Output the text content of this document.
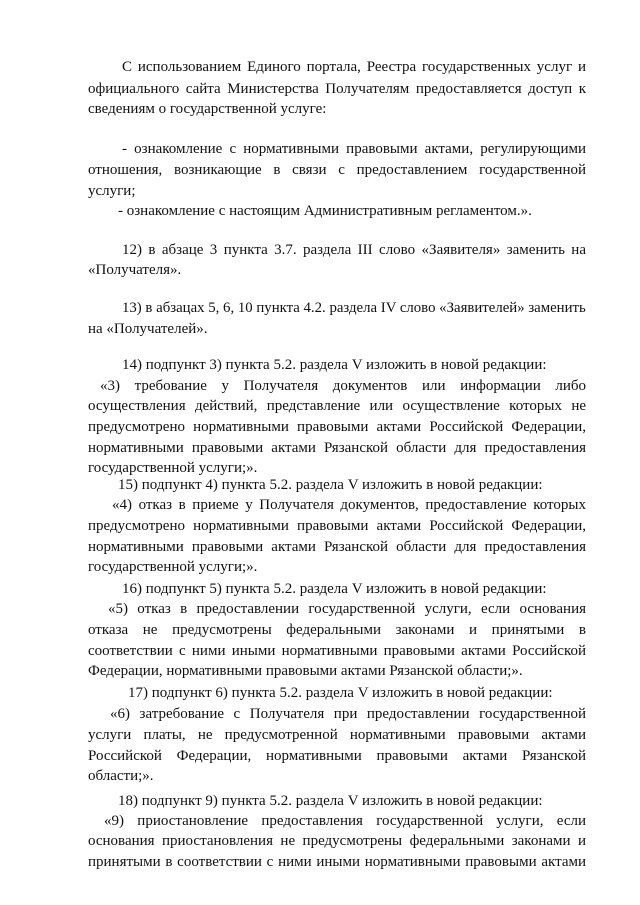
С использованием Единого портала, Реестра государственных услуг и
официального сайта Министерства Получателям предоставляется доступ к
сведениям о государственной услуге:
- ознакомление с нормативными правовыми актами, регулирующими
отношения, возникающие в связи с предоставлением государственной
услуги;
- ознакомление с настоящим Административным регламентом.».
12) в абзаце 3 пункта 3.7. раздела III слово «Заявителя» заменить на
«Получателя».
13) в абзацах 5, 6, 10 пункта 4.2. раздела IV слово «Заявителей» заменить
на «Получателей».
14) подпункт 3) пункта 5.2. раздела V изложить в новой редакции:
«3) требование у Получателя документов или информации либо
осуществления действий, представление или осуществление которых не
предусмотрено нормативными правовыми актами Российской Федерации,
нормативными правовыми актами Рязанской области для предоставления
государственной услуги;».
15) подпункт 4) пункта 5.2. раздела V изложить в новой редакции:
«4) отказ в приеме у Получателя документов, предоставление которых
предусмотрено нормативными правовыми актами Российской Федерации,
нормативными правовыми актами Рязанской области для предоставления
государственной услуги;».
16) подпункт 5) пункта 5.2. раздела V изложить в новой редакции:
«5) отказ в предоставлении государственной услуги, если основания
отказа не предусмотрены федеральными законами и принятыми в
соответствии с ними иными нормативными правовыми актами Российской
Федерации, нормативными правовыми актами Рязанской области;».
17) подпункт 6) пункта 5.2. раздела V изложить в новой редакции:
«6) затребование с Получателя при предоставлении государственной
услуги платы, не предусмотренной нормативными правовыми актами
Российской Федерации, нормативными правовыми актами Рязанской
области;».
18) подпункт 9) пункта 5.2. раздела V изложить в новой редакции:
«9) приостановление предоставления государственной услуги, если
основания приостановления не предусмотрены федеральными законами и
принятыми в соответствии с ними иными нормативными правовыми актами
